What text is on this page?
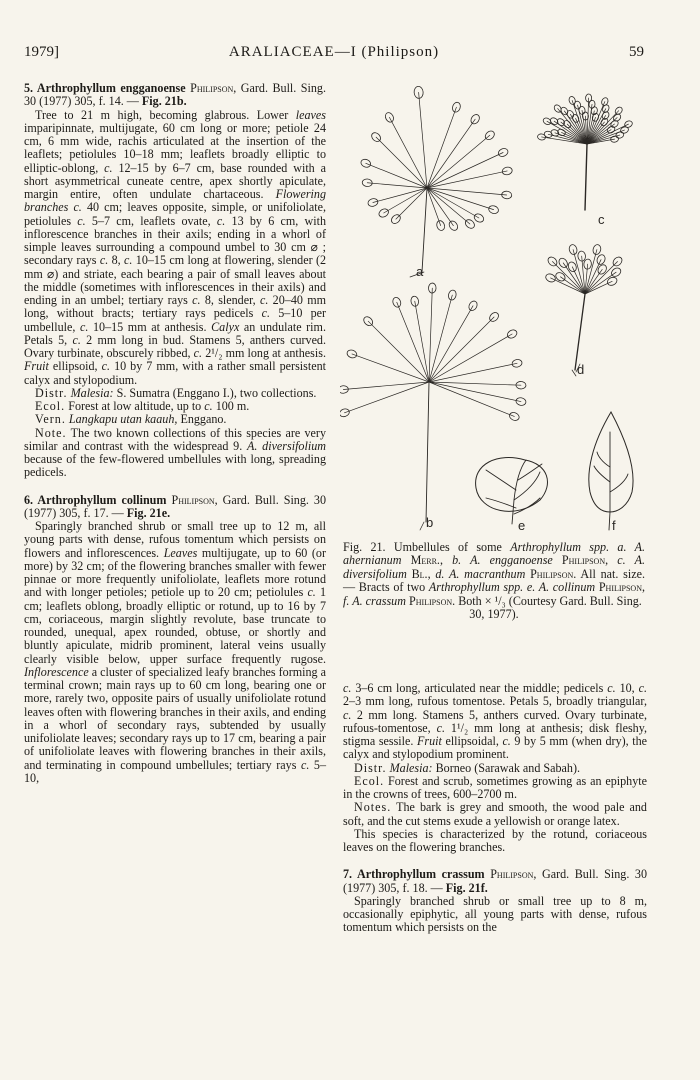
1979]	ARALIACEAE—I (Philipson)	59

5. Arthrophyllum engganoense Philipson, Gard. Bull. Sing. 30 (1977) 305, f. 14. — Fig. 21b.

Tree to 21 m high, becoming glabrous. Lower leaves imparipinnate, multijugate, 60 cm long or more; petiole 24 cm, 6 mm wide, rachis articulated at the insertion of the leaflets; petiolules 10–18 mm; leaflets broadly elliptic to elliptic-oblong, c. 12–15 by 6–7 cm, base rounded with a short asymmetrical cuneate centre, apex shortly apiculate, margin entire, often undulate chartaceous. Flowering branches c. 40 cm; leaves opposite, simple, or unifoliolate, petiolules c. 5–7 cm, leaflets ovate, c. 13 by 6 cm, with inflorescence branches in their axils; ending in a whorl of simple leaves surrounding a compound umbel to 30 cm ⌀ ; secondary rays c. 8, c. 10–15 cm long at flowering, slender (2 mm ⌀) and striate, each bearing a pair of small leaves about the middle (sometimes with inflorescences in their axils) and ending in an umbel; tertiary rays c. 8, slender, c. 20–40 mm long, without bracts; tertiary rays pedicels c. 5–10 per umbellule, c. 10–15 mm at anthesis. Calyx an undulate rim. Petals 5, c. 2 mm long in bud. Stamens 5, anthers curved. Ovary turbinate, obscurely ribbed, c. 2¹/₂ mm long at anthesis. Fruit ellipsoid, c. 10 by 7 mm, with a rather small persistent calyx and stylopodium.

Distr. Malesia: S. Sumatra (Enggano I.), two collections.

Ecol. Forest at low altitude, up to c. 100 m.

Vern. Langkapu utan kaauh, Enggano.

Note. The two known collections of this species are very similar and contrast with the widespread 9. A. diversifolium because of the few-flowered umbellules with long, spreading pedicels.

6. Arthrophyllum collinum Philipson, Gard. Bull. Sing. 30 (1977) 305, f. 17. — Fig. 21e.

Sparingly branched shrub or small tree up to 12 m, all young parts with dense, rufous tomentum which persists on flowers and inflorescences. Leaves multijugate, up to 60 (or more) by 32 cm; of the flowering branches smaller with fewer pinnae or more frequently unifoliolate, leaflets more rotund and with longer petioles; petiole up to 20 cm; petiolules c. 1 cm; leaflets oblong, broadly elliptic or rotund, up to 16 by 7 cm, coriaceous, margin slightly revolute, base truncate to rounded, unequal, apex rounded, obtuse, or shortly and bluntly apiculate, midrib prominent, lateral veins usually clearly visible below, upper surface frequently rugose. Inflorescence a cluster of specialized leafy branches forming a terminal crown; main rays up to 60 cm long, bearing one or more, rarely two, opposite pairs of usually unifoliolate rotund leaves often with flowering branches in their axils, and ending in a whorl of secondary rays, subtended by usually unifoliolate leaves; secondary rays up to 17 cm, bearing a pair of unifoliolate leaves with flowering branches in their axils, and terminating in compound umbellules; tertiary rays c. 5–10,

a
b
c
d
e	f
Fig. 21. Umbellules of some Arthrophyllum spp. a. A. ahernianum Merr., b. A. engganoense Philipson, c. A. diversifolium Bl., d. A. macranthum Philipson. All nat. size. — Bracts of two Arthrophyllum spp. e. A. collinum Philipson, f. A. crassum Philipson. Both × ¹/₃ (Courtesy Gard. Bull. Sing.
30, 1977).

c. 3–6 cm long, articulated near the middle; pedicels c. 10, c. 2–3 mm long, rufous tomentose. Petals 5, broadly triangular, c. 2 mm long. Stamens 5, anthers curved. Ovary turbinate, rufous-tomentose, c. 1¹/₂ mm long at anthesis; disk fleshy, stigma sessile. Fruit ellipsoidal, c. 9 by 5 mm (when dry), the calyx and stylopodium prominent.

Distr. Malesia: Borneo (Sarawak and Sabah).

Ecol. Forest and scrub, sometimes growing as an epiphyte in the crowns of trees, 600–2700 m.

Notes. The bark is grey and smooth, the wood pale and soft, and the cut stems exude a yellowish or orange latex.

This species is characterized by the rotund, coriaceous leaves on the flowering branches.

7. Arthrophyllum crassum Philipson, Gard. Bull. Sing. 30 (1977) 305, f. 18. — Fig. 21f.

Sparingly branched shrub or small tree up to 8 m, occasionally epiphytic, all young parts with dense, rufous tomentum which persists on the
